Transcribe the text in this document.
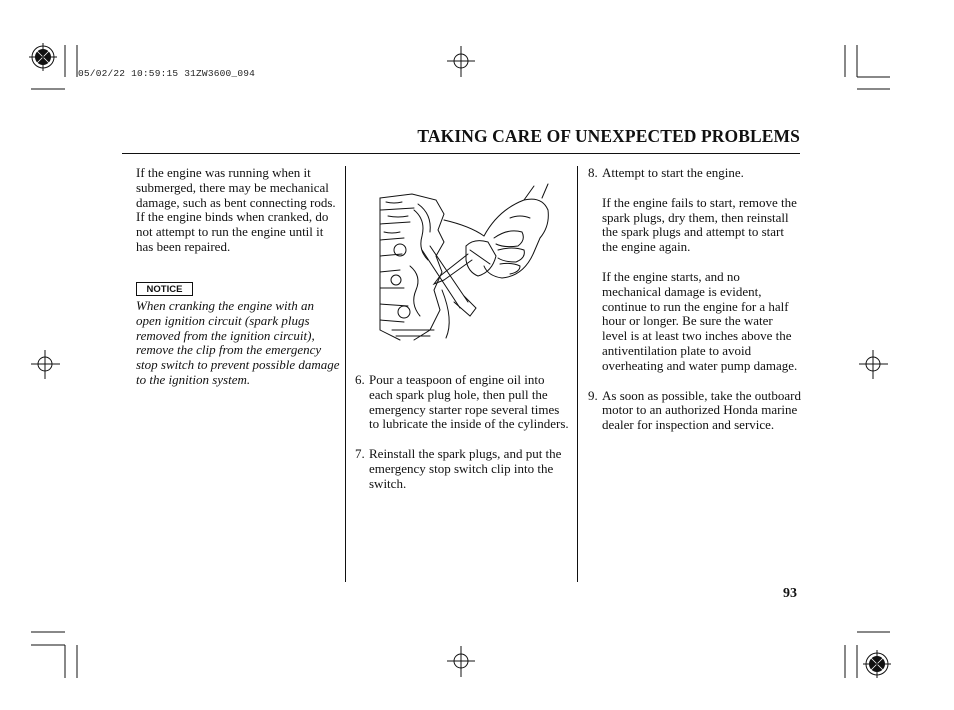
05/02/22 10:59:15 31ZW3600_094
TAKING CARE OF UNEXPECTED PROBLEMS
If the engine was running when it submerged, there may be mechanical damage, such as bent connecting rods. If the engine binds when cranked, do not attempt to run the engine until it has been repaired.
NOTICE
When cranking the engine with an open ignition circuit (spark plugs removed from the ignition circuit), remove the clip from the emergency stop switch to prevent possible damage to the ignition system.	6. Pour a teaspoon of engine oil into each spark plug hole, then pull the emergency starter rope several times to lubricate the inside of the cylinders.
7. Reinstall the spark plugs, and put the emergency stop switch clip into the switch.
8. Attempt to start the engine.
If the engine fails to start, remove the spark plugs, dry them, then reinstall the spark plugs and attempt to start the engine again.
If the engine starts, and no mechanical damage is evident, continue to run the engine for a half hour or longer. Be sure the water level is at least two inches above the antiventilation plate to avoid overheating and water pump damage.
9. As soon as possible, take the outboard motor to an authorized Honda marine dealer for inspection and service.
93
